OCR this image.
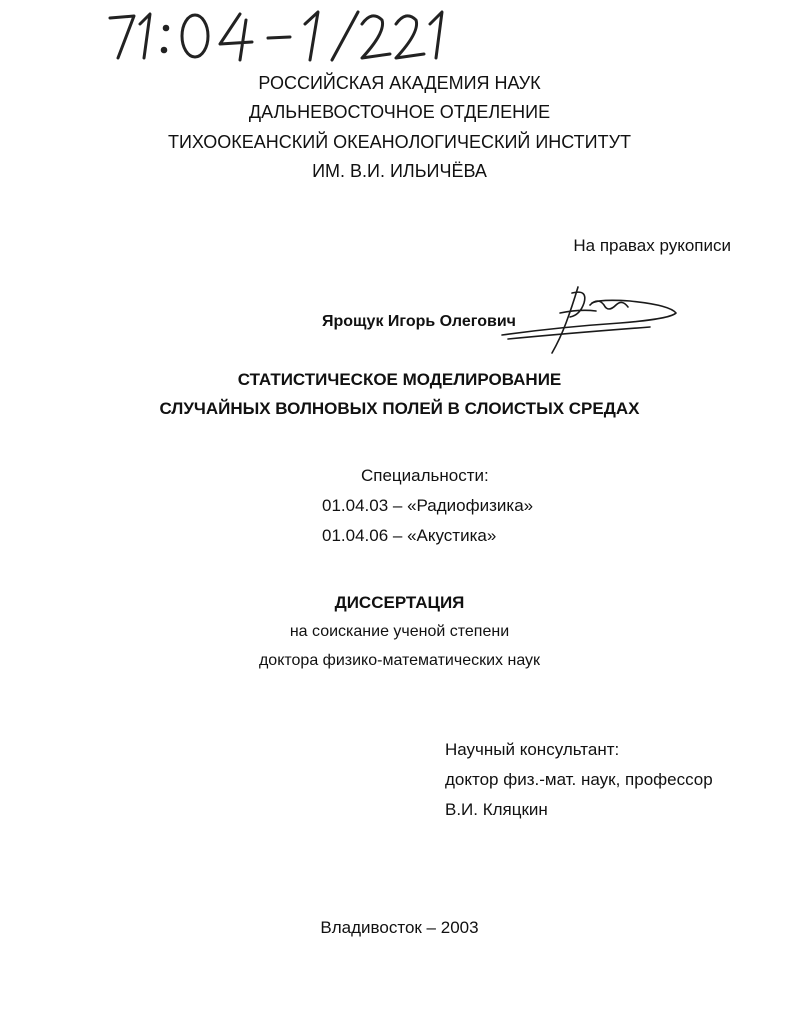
РОССИЙСКАЯ АКАДЕМИЯ НАУК
ДАЛЬНЕВОСТОЧНОЕ ОТДЕЛЕНИЕ
ТИХООКЕАНСКИЙ ОКЕАНОЛОГИЧЕСКИЙ ИНСТИТУТ
ИМ. В.И. ИЛЬИЧЁВА
На правах рукописи
Ярощук Игорь Олегович
СТАТИСТИЧЕСКОЕ МОДЕЛИРОВАНИЕ
СЛУЧАЙНЫХ ВОЛНОВЫХ ПОЛЕЙ В СЛОИСТЫХ СРЕДАХ
Специальности:
01.04.03 – «Радиофизика»
01.04.06 – «Акустика»
ДИССЕРТАЦИЯ
на соискание ученой степени
доктора физико-математических наук
Научный консультант:
доктор физ.-мат. наук, профессор
В.И. Кляцкин
Владивосток – 2003
